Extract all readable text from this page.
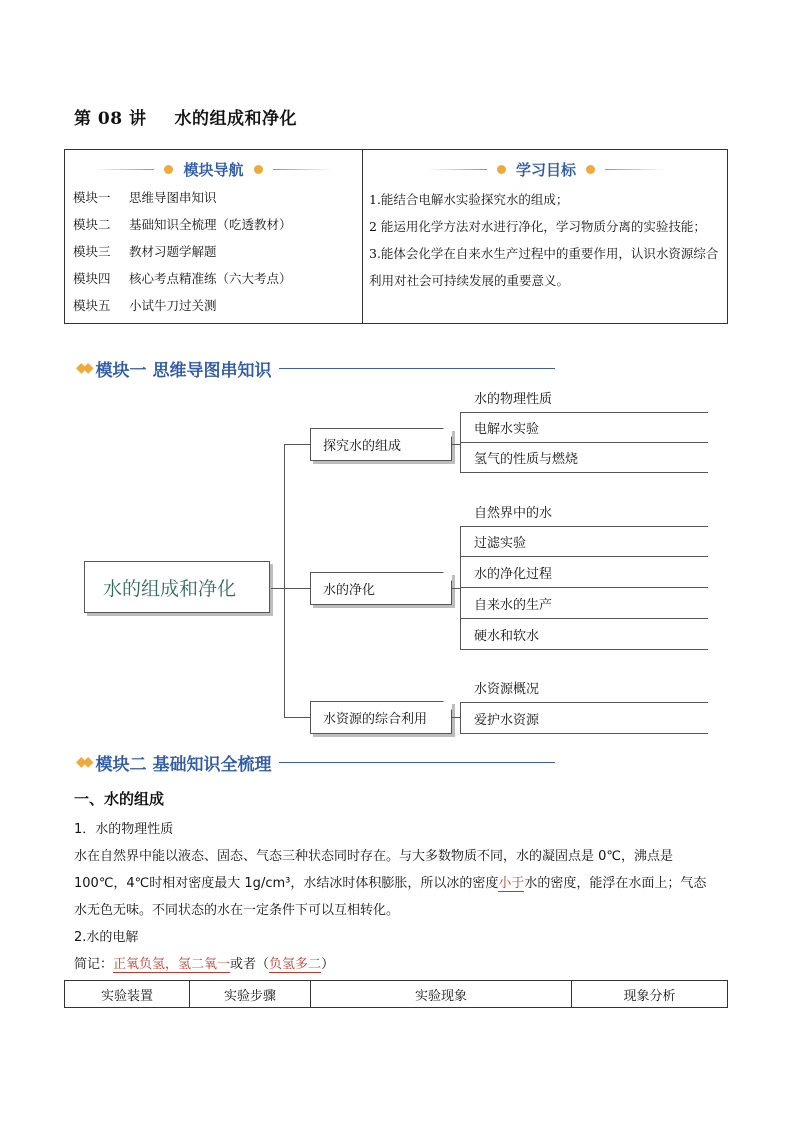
第 08 讲 水的组成和净化
模块导航	学习目标
模块一 思维导图串知识
模块二 基础知识全梳理（吃透教材）
模块三 教材习题学解题
模块四 核心考点精准练（六大考点）
模块五 小试牛刀过关测
1.能结合电解水实验探究水的组成；
2 能运用化学方法对水进行净化，学习物质分离的实验技能；
3.能体会化学在自来水生产过程中的重要作用，认识水资源综合利用对社会可持续发展的重要意义。
◆◆ 模块一 思维导图串知识
水的组成和净化
探究水的组成
水的物理性质
电解水实验
氢气的性质与燃烧
水的净化
自然界中的水
过滤实验
水的净化过程
自来水的生产
硬水和软水
水资源的综合利用
水资源概况
爱护水资源
◆◆ 模块二 基础知识全梳理
一、水的组成
1．水的物理性质
水在自然界中能以液态、固态、气态三种状态同时存在。与大多数物质不同，水的凝固点是 0℃，沸点是
100℃，4℃时相对密度最大 1g/cm³，水结冰时体积膨胀，所以冰的密度小于水的密度，能浮在水面上；气态
水无色无味。不同状态的水在一定条件下可以互相转化。
2.水的电解
简记：正氧负氢，氢二氧一或者（负氢多二）
实验装置	实验步骤	实验现象	现象分析
